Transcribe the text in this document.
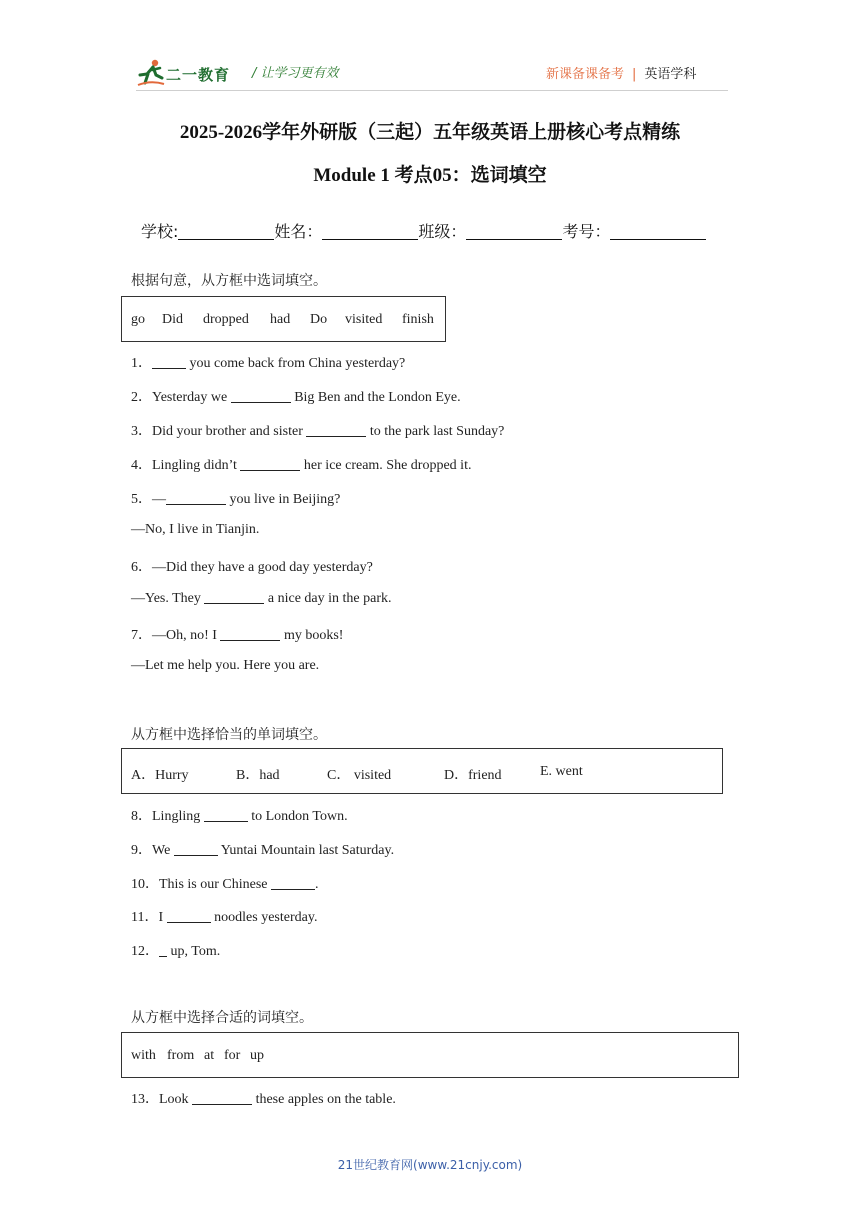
二一教育 / 让学习更有效	新课备课备考 | 英语学科
2025-2026学年外研版（三起）五年级英语上册核心考点精练
Module 1 考点05：选词填空
学校:	姓名：	班级：	考号：
根据句意，从方框中选词填空。
go Did dropped had Do visited finish
1． you come back from China yesterday?
2．Yesterday we	Big Ben and the London Eye.
3．Did your brother and sister	to the park last Sunday?
4．Lingling didn’t	her ice cream. She dropped it.
5．—	you live in Beijing?
—No, I live in Tianjin.
6．—Did they have a good day yesterday?
—Yes. They	a nice day in the park.
7．—Oh, no! I	my books!
—Let me help you. Here you are.
从方框中选择恰当的单词填空。
A．Hurry	B．had	C． visited	D．friend	E. went
8．Lingling	to London Town.
9．We	Yuntai Mountain last Saturday.
10．This is our Chinese	.
11．I	noodles yesterday.
12． up, Tom.
从方框中选择合适的词填空。
with from at for up
13．Look	these apples on the table.
21世纪教育网(www.21cnjy.com)
